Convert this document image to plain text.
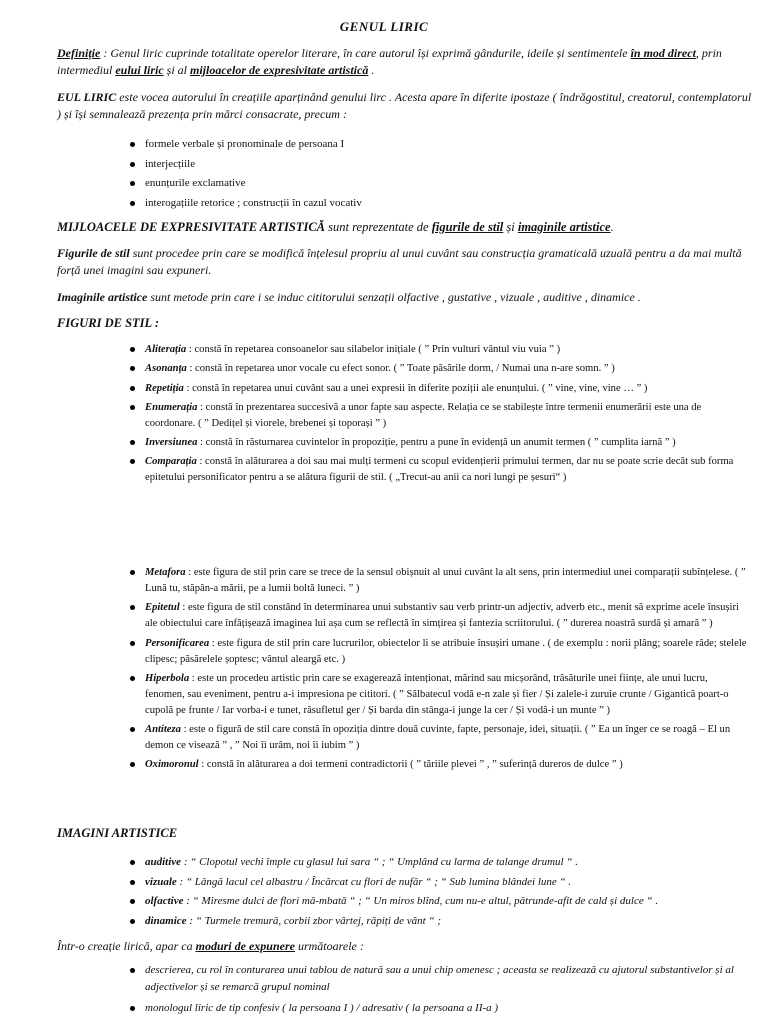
GENUL LIRIC

Definiție : Genul liric cuprinde totalitate operelor literare, în care autorul își exprimă gândurile, ideile și sentimentele în mod direct, prin intermediul eului liric și al mijloacelor de expresivitate artistică .

EUL LIRIC este vocea autorului în creațiile aparținând genului lirc . Acesta apare în diferite ipostaze ( îndrăgostitul, creatorul, contemplatorul ) și își semnalează prezența prin mărci consacrate, precum :

formele verbale și pronominale de persoana I
interjecțiile
enunțurile exclamative
interogațiile retorice ; construcții în cazul vocativ

MIJLOACELE DE EXPRESIVITATE ARTISTICĂ sunt reprezentate de figurile de stil și imaginile artistice.

Figurile de stil sunt procedee prin care se modifică înțelesul propriu al unui cuvânt sau construcția gramaticală uzuală pentru a da mai multă forță unei imagini sau expuneri.

Imaginile artistice sunt metode prin care i se induc cititorului senzații olfactive , gustative , vizuale , auditive , dinamice .

FIGURI DE STIL :
Aliterația : constă în repetarea consoanelor sau silabelor inițiale ( ” Prin vulturi vântul viu vuia ” )
Asonanța : constă în repetarea unor vocale cu efect sonor. ( ” Toate păsările dorm, / Numai una n-are somn. ” )
Repetiția : constă în repetarea unui cuvânt sau a unei expresii în diferite poziții ale enunțului. ( ” vine, vine, vine … ” )
Enumerația : constă în prezentarea succesivă a unor fapte sau aspecte. Relația ce se stabilește între termenii enumerării este una de coordonare. ( ” Dedițel și viorele, brebenei și toporași ” )
Inversiunea : constă în răsturnarea cuvintelor în propoziție, pentru a pune în evidență un anumit termen ( ” cumplita iarnă ” )
Comparația : constă în alăturarea a doi sau mai mulți termeni cu scopul evidențierii primului termen, dar nu se poate scrie decât sub forma epitetului personificator pentru a se alătura figurii de stil. ( „Trecut-au anii ca nori lungi pe șesuri“ )
Metafora : este figura de stil prin care se trece de la sensul obișnuit al unui cuvânt la alt sens, prin intermediul unei comparații subînțelese. ( ” Lună tu, stăpân-a mării, pe a lumii boltă luneci. ” )
Epitetul : este figura de stil constând în determinarea unui substantiv sau verb printr-un adjectiv, adverb etc., menit să exprime acele însușiri ale obiectului care înfățișează imaginea lui așa cum se reflectă în simțirea și fantezia scriitorului. ( ” durerea noastră surdă și amară ” )
Personificarea : este figura de stil prin care lucrurilor, obiectelor li se atribuie însușiri umane . ( de exemplu : norii plâng; soarele râde; stelele clipesc; păsărelele șoptesc; vântul aleargă etc. )
Hiperbola : este un procedeu artistic prin care se exagerează intenționat, mărind sau micșorând, trăsăturile unei ființe, ale unui lucru, fenomen, sau eveniment, pentru a-i impresiona pe cititori. ( ” Sălbatecul vodă e-n zale și fier / Și zalele-i zuruie crunte / Gigantică poart-o cupolă pe frunte / Iar vorba-i e tunet, răsufletul ger / Și barda din stânga-i junge la cer / Și vodă-i un munte ” )
Antiteza : este o figură de stil care constă în opoziția dintre două cuvinte, fapte, personaje, idei, situații. ( ” Ea un înger ce se roagă – El un demon ce visează ” , ” Noi îi urâm, noi îi iubim ” )
Oximoronul : constă în alăturarea a doi termeni contradictorii ( ” tăriile plevei ” , ” suferință dureros de dulce ” )
IMAGINI ARTISTICE
auditive : “ Clopotul vechi împle cu glasul lui sara “ ; “ Umplând cu larma de talange drumul “ .
vizuale : “ Lângă lacul cel albastru / Încărcat cu flori de nufăr “ ; “ Sub lumina blândei lune “ .
olfactive : “ Miresme dulci de flori mă-mbată “ ; “ Un miros blînd, cum nu-e altul, pătrunde-afit de cald și dulce “ .
dinamice : “ Turmele tremură, corbii zbor vârtej, răpiți de vânt “ ;

Într-o creație lirică, apar ca moduri de expunere următoarele :

descrierea, cu rol în conturarea unui tablou de natură sau a unui chip omenesc ; aceasta se realizează cu ajutorul substantivelor și al adjectivelor și se remarcă grupul nominal
monologul liric de tip confesiv ( la persoana I ) / adresativ ( la persoana a II-a )
